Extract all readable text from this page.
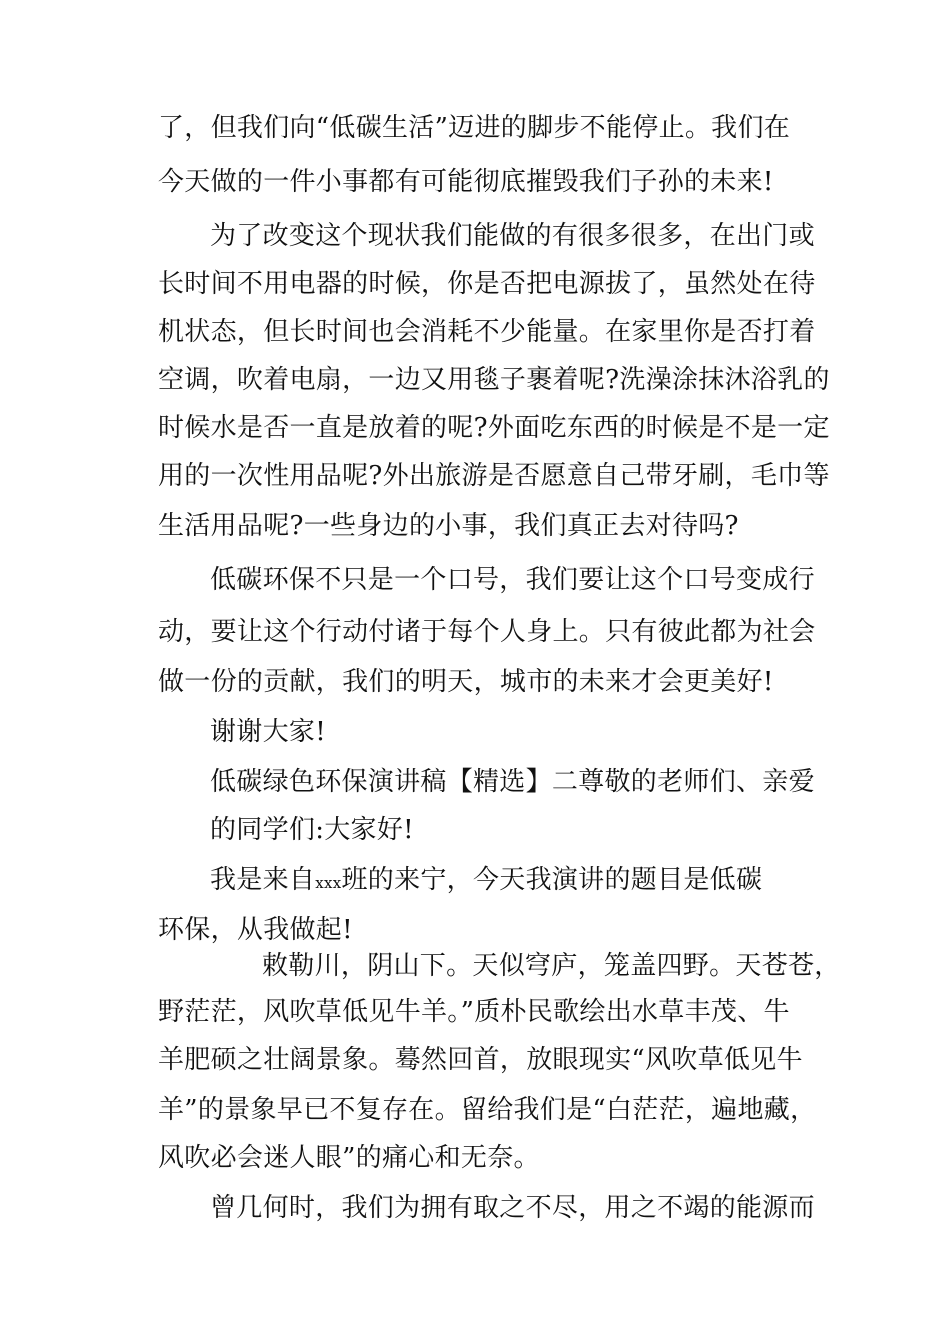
了，但我们向“低碳生活”迈进的脚步不能停止。我们在
今天做的一件小事都有可能彻底摧毁我们子孙的未来!
为了改变这个现状我们能做的有很多很多，在出门或
长时间不用电器的时候，你是否把电源拔了，虽然处在待
机状态，但长时间也会消耗不少能量。在家里你是否打着
空调，吹着电扇，一边又用毯子裹着呢?洗澡涂抹沐浴乳的
时候水是否一直是放着的呢?外面吃东西的时候是不是一定
用的一次性用品呢?外出旅游是否愿意自己带牙刷，毛巾等
生活用品呢?一些身边的小事，我们真正去对待吗?
低碳环保不只是一个口号，我们要让这个口号变成行
动，要让这个行动付诸于每个人身上。只有彼此都为社会
做一份的贡献，我们的明天，城市的未来才会更美好!
谢谢大家!
低碳绿色环保演讲稿【精选】二尊敬的老师们、亲爱
的同学们:大家好!
我是来自xxx班的来宁，今天我演讲的题目是低碳
环保，从我做起!
敕勒川，阴山下。天似穹庐，笼盖四野。天苍苍，
野茫茫，风吹草低见牛羊。”质朴民歌绘出水草丰茂、牛
羊肥硕之壮阔景象。蓦然回首，放眼现实“风吹草低见牛
羊”的景象早已不复存在。留给我们是“白茫茫，遍地藏，
风吹必会迷人眼”的痛心和无奈。
曾几何时，我们为拥有取之不尽，用之不竭的能源而
